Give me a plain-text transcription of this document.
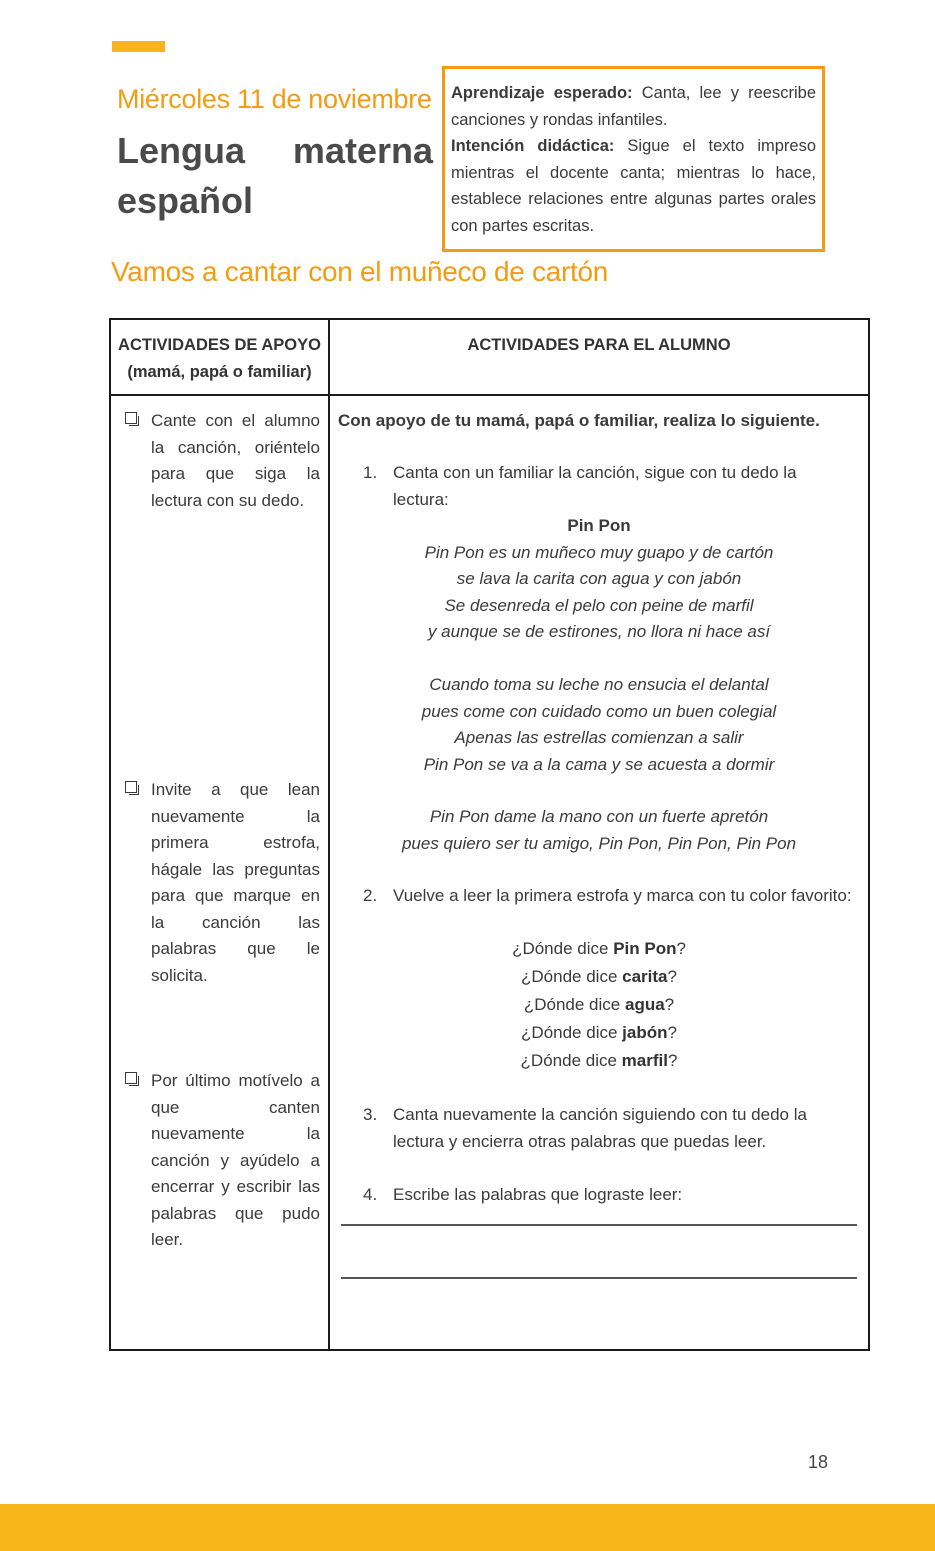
Miércoles 11 de noviembre
Lengua materna
español

Aprendizaje esperado: Canta, lee y reescribe canciones y rondas infantiles.

Intención didáctica: Sigue el texto impreso mientras el docente canta; mientras lo hace, establece relaciones entre algunas partes orales con partes escritas.

Vamos a cantar con el muñeco de cartón
ACTIVIDADES DE APOYO
(mamá, papá o familiar)
ACTIVIDADES PARA EL ALUMNO
Cante con el alumno la canción, oriéntelo para que siga la lectura con su dedo.
Invite a que lean nuevamente la primera estrofa, hágale las preguntas para que marque en la canción las palabras que le solicita.
Por último motívelo a que canten nuevamente la canción y ayúdelo a encerrar y escribir las palabras que pudo leer.
Con apoyo de tu mamá, papá o familiar, realiza lo siguiente.
1. Canta con un familiar la canción, sigue con tu dedo la lectura:
Pin Pon
Pin Pon es un muñeco muy guapo y de cartón
se lava la carita con agua y con jabón
Se desenreda el pelo con peine de marfil
y aunque se de estirones, no llora ni hace así
Cuando toma su leche no ensucia el delantal
pues come con cuidado como un buen colegial
Apenas las estrellas comienzan a salir
Pin Pon se va a la cama y se acuesta a dormir
Pin Pon dame la mano con un fuerte apretón
pues quiero ser tu amigo, Pin Pon, Pin Pon, Pin Pon
2. Vuelve a leer la primera estrofa y marca con tu color favorito:
¿Dónde dice Pin Pon?
¿Dónde dice carita?
¿Dónde dice agua?
¿Dónde dice jabón?
¿Dónde dice marfil?
3. Canta nuevamente la canción siguiendo con tu dedo la lectura y encierra otras palabras que puedas leer.
4. Escribe las palabras que lograste leer:
18
